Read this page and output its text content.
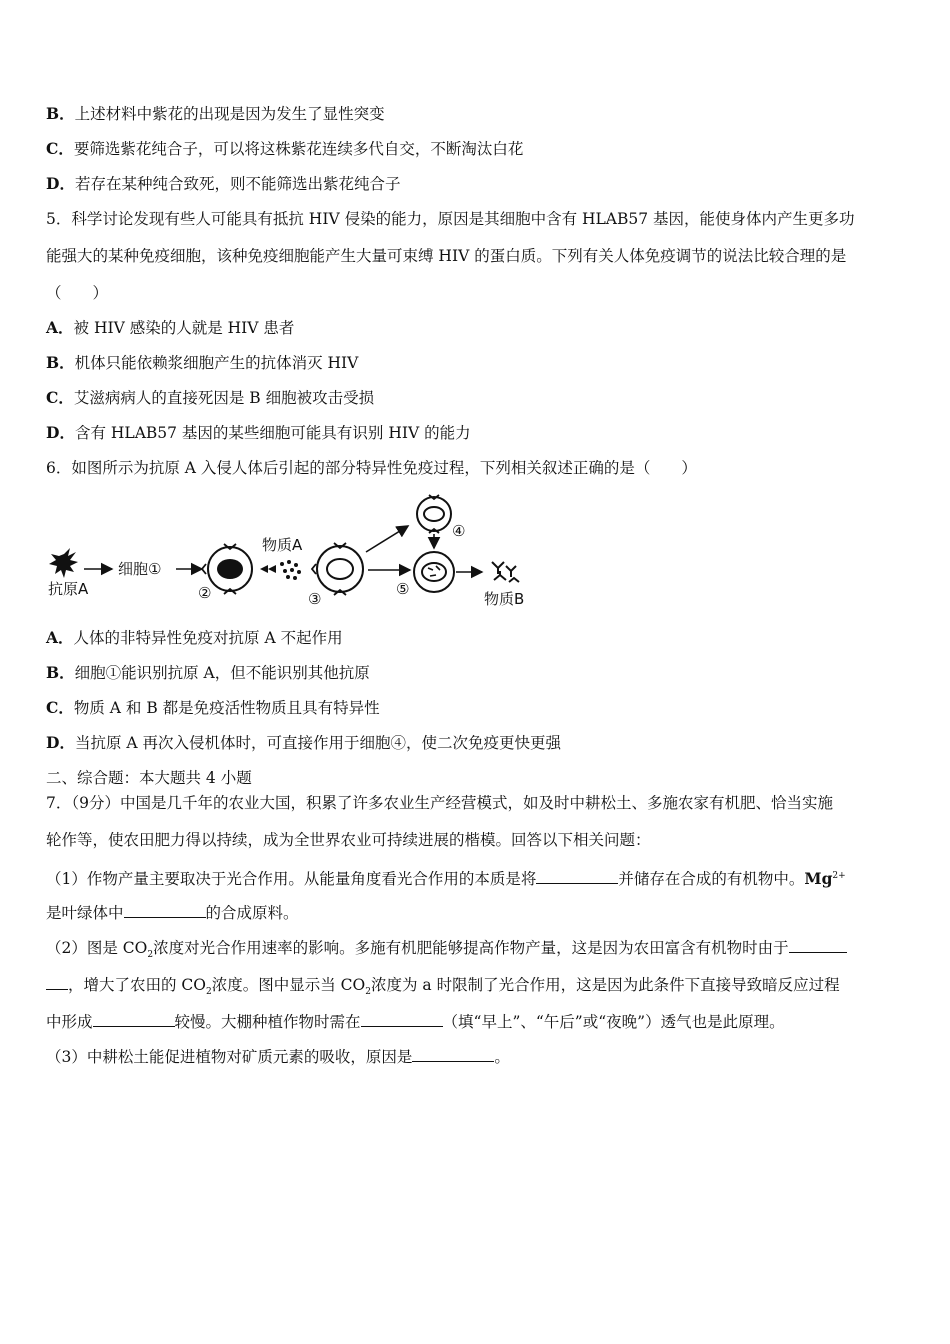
B．上述材料中紫花的出现是因为发生了显性突变
C．要筛选紫花纯合子，可以将这株紫花连续多代自交，不断淘汰白花
D．若存在某种纯合致死，则不能筛选出紫花纯合子
5．科学讨论发现有些人可能具有抵抗 HIV 侵染的能力，原因是其细胞中含有 HLAB57 基因，能使身体内产生更多功
能强大的某种免疫细胞，该种免疫细胞能产生大量可束缚 HIV 的蛋白质。下列有关人体免疫调节的说法比较合理的是
（　　）
A．被 HIV 感染的人就是 HIV 患者
B．机体只能依赖浆细胞产生的抗体消灭 HIV
C．艾滋病病人的直接死因是 B 细胞被攻击受损
D．含有 HLAB57 基因的某些细胞可能具有识别 HIV 的能力
6．如图所示为抗原 A 入侵人体后引起的部分特异性免疫过程，下列相关叙述正确的是（　　）
抗原A
细胞①
②
物质A
③
④
⑤
物质B
A．人体的非特异性免疫对抗原 A 不起作用
B．细胞①能识别抗原 A，但不能识别其他抗原
C．物质 A 和 B 都是免疫活性物质且具有特异性
D．当抗原 A 再次入侵机体时，可直接作用于细胞④，使二次免疫更快更强
二、综合题：本大题共 4 小题
7．（9分）中国是几千年的农业大国，积累了许多农业生产经营模式，如及时中耕松土、多施农家有机肥、恰当实施
轮作等，使农田肥力得以持续，成为全世界农业可持续进展的楷模。回答以下相关问题：
（1）作物产量主要取决于光合作用。从能量角度看光合作用的本质是将	并储存在合成的有机物中。$Mg^{2+}$
是叶绿体中	的合成原料。
（2）图是 $CO_2$浓度对光合作用速率的影响。多施有机肥能够提高作物产量，这是因为农田富含有机物时由于
，增大了农田的 $CO_2$浓度。图中显示当 $CO_2$浓度为 a 时限制了光合作用，这是因为此条件下直接导致暗反应过程
中形成	较慢。大棚种植作物时需在	（填“早上”、“午后”或“夜晚”）透气也是此原理。
（3）中耕松土能促进植物对矿质元素的吸收，原因是	。
